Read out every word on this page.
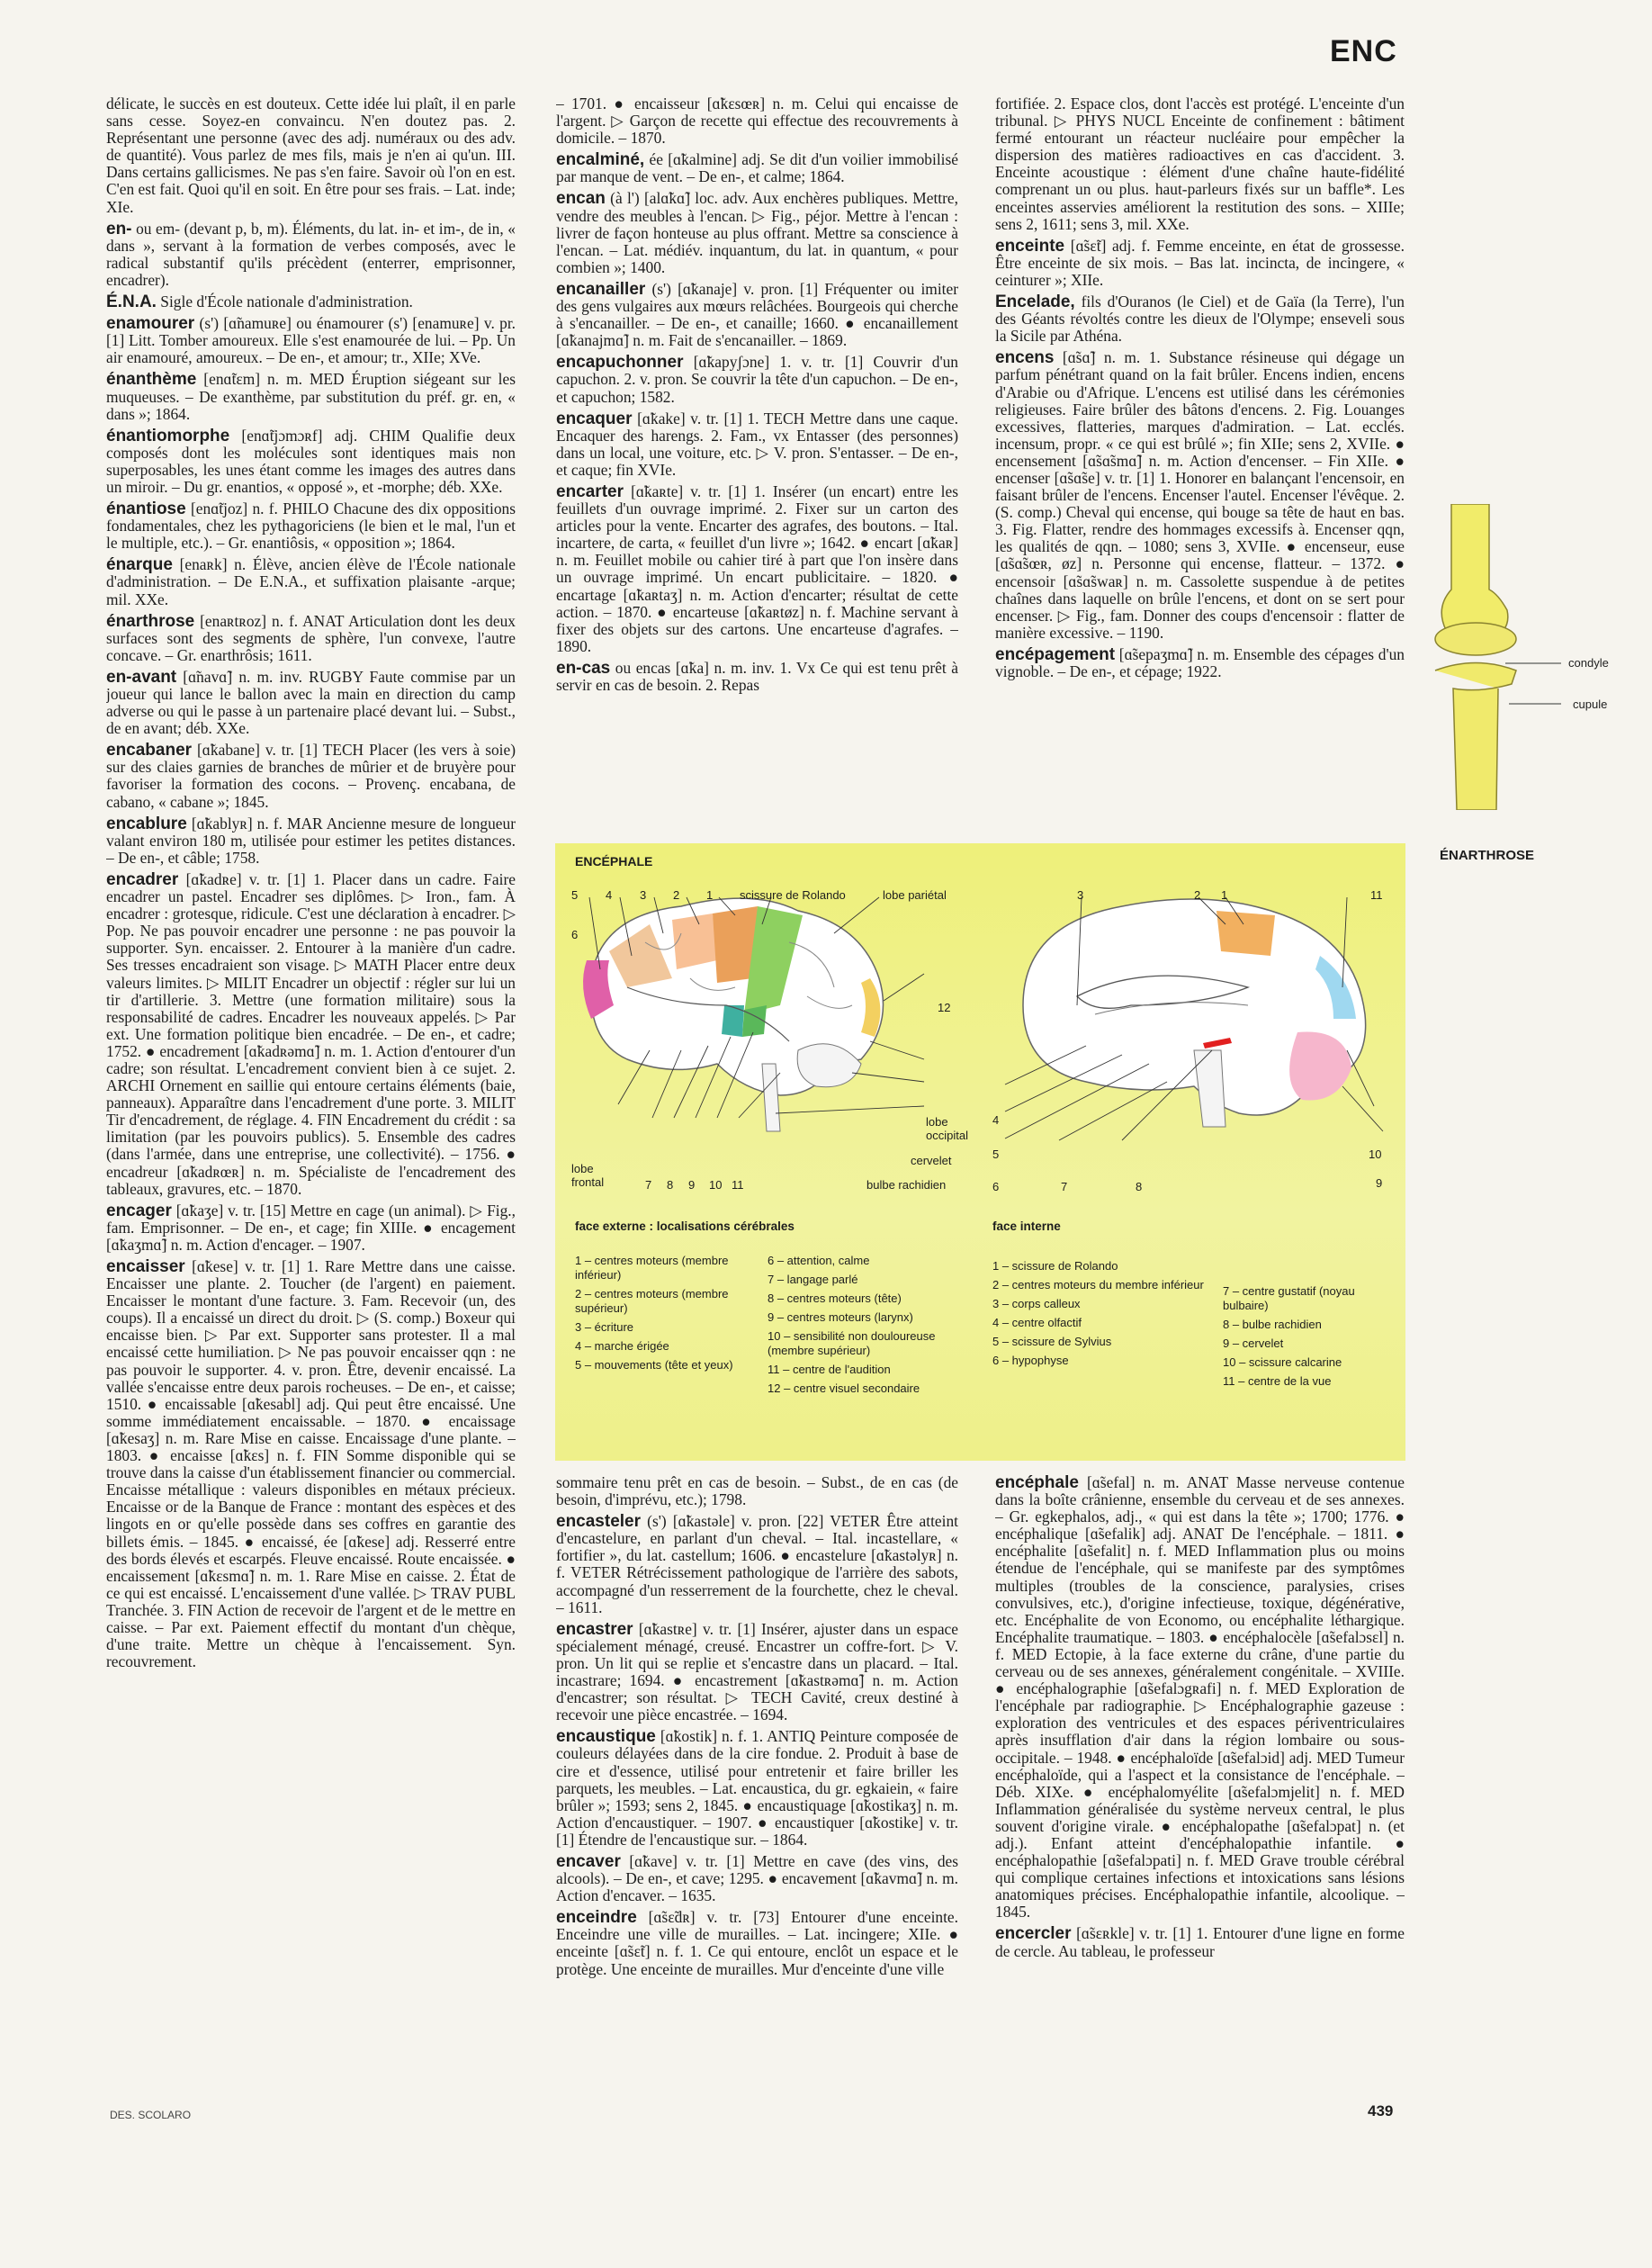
ENC

délicate, le succès en est douteux. Cette idée lui plaît, il en parle sans cesse. Soyez-en convaincu. N'en doutez pas. 2. Représentant une personne (avec des adj. numéraux ou des adv. de quantité). Vous parlez de mes fils, mais je n'en ai qu'un. III. Dans certains gallicismes. Ne pas s'en faire. Savoir où l'on en est. C'en est fait. Quoi qu'il en soit. En être pour ses frais. – Lat. inde; XIe.

en- ou em- (devant p, b, m). Éléments, du lat. in- et im-, de in, « dans », servant à la formation de verbes composés, avec le radical substantif qu'ils précèdent (enterrer, emprisonner, encadrer).

É.N.A. Sigle d'École nationale d'administration.

enamourer (s') [ɑ̃namuʀe] ou énamourer (s') [enamuʀe] v. pr. [1] Litt. Tomber amoureux. Elle s'est enamourée de lui. – Pp. Un air enamouré, amoureux. – De en-, et amour; tr., XIIe; XVe.

énanthème [enɑ̃tɛm] n. m. MED Éruption siégeant sur les muqueuses. – De exanthème, par substitution du préf. gr. en, « dans »; 1864.

énantiomorphe [enɑ̃tjɔmɔʀf] adj. CHIM Qualifie deux composés dont les molécules sont identiques mais non superposables, les unes étant comme les images des autres dans un miroir. – Du gr. enantios, « opposé », et -morphe; déb. XXe.

énantiose [enɑ̃tjoz] n. f. PHILO Chacune des dix oppositions fondamentales, chez les pythagoriciens (le bien et le mal, l'un et le multiple, etc.). – Gr. enantiôsis, « opposition »; 1864.

énarque [enaʀk] n. Élève, ancien élève de l'École nationale d'administration. – De E.N.A., et suffixation plaisante -arque; mil. XXe.

énarthrose [enaʀtʀoz] n. f. ANAT Articulation dont les deux surfaces sont des segments de sphère, l'un convexe, l'autre concave. – Gr. enarthrôsis; 1611.

en-avant [ɑ̃navɑ̃] n. m. inv. RUGBY Faute commise par un joueur qui lance le ballon avec la main en direction du camp adverse ou qui le passe à un partenaire placé devant lui. – Subst., de en avant; déb. XXe.

encabaner [ɑ̃kabane] v. tr. [1] TECH Placer (les vers à soie) sur des claies garnies de branches de mûrier et de bruyère pour favoriser la formation des cocons. – Provenç. encabana, de cabano, « cabane »; 1845.

encablure [ɑ̃kablyʀ] n. f. MAR Ancienne mesure de longueur valant environ 180 m, utilisée pour estimer les petites distances. – De en-, et câble; 1758.

encadrer [ɑ̃kadʀe] v. tr. [1] 1. Placer dans un cadre. Faire encadrer un pastel. Encadrer ses diplômes. ▷ Iron., fam. À encadrer : grotesque, ridicule. C'est une déclaration à encadrer. ▷ Pop. Ne pas pouvoir encadrer une personne : ne pas pouvoir la supporter. Syn. encaisser. 2. Entourer à la manière d'un cadre. Ses tresses encadraient son visage. ▷ MATH Placer entre deux valeurs limites. ▷ MILIT Encadrer un objectif : régler sur lui un tir d'artillerie. 3. Mettre (une formation militaire) sous la responsabilité de cadres. Encadrer les nouveaux appelés. ▷ Par ext. Une formation politique bien encadrée. – De en-, et cadre; 1752. ● encadrement [ɑ̃kadʀəmɑ̃] n. m. 1. Action d'entourer d'un cadre; son résultat. L'encadrement convient bien à ce sujet. 2. ARCHI Ornement en saillie qui entoure certains éléments (baie, panneaux). Apparaître dans l'encadrement d'une porte. 3. MILIT Tir d'encadrement, de réglage. 4. FIN Encadrement du crédit : sa limitation (par les pouvoirs publics). 5. Ensemble des cadres (dans l'armée, dans une entreprise, une collectivité). – 1756. ● encadreur [ɑ̃kadʀœʀ] n. m. Spécialiste de l'encadrement des tableaux, gravures, etc. – 1870.

encager [ɑ̃kaʒe] v. tr. [15] Mettre en cage (un animal). ▷ Fig., fam. Emprisonner. – De en-, et cage; fin XIIIe. ● encagement [ɑ̃kaʒmɑ̃] n. m. Action d'encager. – 1907.

encaisser [ɑ̃kese] v. tr. [1] 1. Rare Mettre dans une caisse. Encaisser une plante. 2. Toucher (de l'argent) en paiement. Encaisser le montant d'une facture. 3. Fam. Recevoir (un, des coups). Il a encaissé un direct du droit. ▷ (S. comp.) Boxeur qui encaisse bien. ▷ Par ext. Supporter sans protester. Il a mal encaissé cette humiliation. ▷ Ne pas pouvoir encaisser qqn : ne pas pouvoir le supporter. 4. v. pron. Être, devenir encaissé. La vallée s'encaisse entre deux parois rocheuses. – De en-, et caisse; 1510. ● encaissable [ɑ̃kesabl] adj. Qui peut être encaissé. Une somme immédiatement encaissable. – 1870. ● encaissage [ɑ̃kesaʒ] n. m. Rare Mise en caisse. Encaissage d'une plante. – 1803. ● encaisse [ɑ̃kɛs] n. f. FIN Somme disponible qui se trouve dans la caisse d'un établissement financier ou commercial. Encaisse métallique : valeurs disponibles en métaux précieux. Encaisse or de la Banque de France : montant des espèces et des lingots en or qu'elle possède dans ses coffres en garantie des billets émis. – 1845. ● encaissé, ée [ɑ̃kese] adj. Resserré entre des bords élevés et escarpés. Fleuve encaissé. Route encaissée. ● encaissement [ɑ̃kɛsmɑ̃] n. m. 1. Rare Mise en caisse. 2. État de ce qui est encaissé. L'encaissement d'une vallée. ▷ TRAV PUBL Tranchée. 3. FIN Action de recevoir de l'argent et de le mettre en caisse. – Par ext. Paiement effectif du montant d'un chèque, d'une traite. Mettre un chèque à l'encaissement. Syn. recouvrement.

– 1701. ● encaisseur [ɑ̃kɛsœʀ] n. m. Celui qui encaisse de l'argent. ▷ Garçon de recette qui effectue des recouvrements à domicile. – 1870.

encalminé, ée [ɑ̃kalmine] adj. Se dit d'un voilier immobilisé par manque de vent. – De en-, et calme; 1864.

encan (à l') [alɑ̃kɑ̃] loc. adv. Aux enchères publiques. Mettre, vendre des meubles à l'encan. ▷ Fig., péjor. Mettre à l'encan : livrer de façon honteuse au plus offrant. Mettre sa conscience à l'encan. – Lat. médiév. inquantum, du lat. in quantum, « pour combien »; 1400.

encanailler (s') [ɑ̃kanaje] v. pron. [1] Fréquenter ou imiter des gens vulgaires aux mœurs relâchées. Bourgeois qui cherche à s'encanailler. – De en-, et canaille; 1660. ● encanaillement [ɑ̃kanajmɑ̃] n. m. Fait de s'encanailler. – 1869.

encapuchonner [ɑ̃kapyʃɔne] 1. v. tr. [1] Couvrir d'un capuchon. 2. v. pron. Se couvrir la tête d'un capuchon. – De en-, et capuchon; 1582.

encaquer [ɑ̃kake] v. tr. [1] 1. TECH Mettre dans une caque. Encaquer des harengs. 2. Fam., vx Entasser (des personnes) dans un local, une voiture, etc. ▷ V. pron. S'entasser. – De en-, et caque; fin XVIe.

encarter [ɑ̃kaʀte] v. tr. [1] 1. Insérer (un encart) entre les feuillets d'un ouvrage imprimé. 2. Fixer sur un carton des articles pour la vente. Encarter des agrafes, des boutons. – Ital. incartere, de carta, « feuillet d'un livre »; 1642. ● encart [ɑ̃kaʀ] n. m. Feuillet mobile ou cahier tiré à part que l'on insère dans un ouvrage imprimé. Un encart publicitaire. – 1820. ● encartage [ɑ̃kaʀtaʒ] n. m. Action d'encarter; résultat de cette action. – 1870. ● encarteuse [ɑ̃kaʀtøz] n. f. Machine servant à fixer des objets sur des cartons. Une encarteuse d'agrafes. – 1890.

en-cas ou encas [ɑ̃ka] n. m. inv. 1. Vx Ce qui est tenu prêt à servir en cas de besoin. 2. Repas

fortifiée. 2. Espace clos, dont l'accès est protégé. L'enceinte d'un tribunal. ▷ PHYS NUCL Enceinte de confinement : bâtiment fermé entourant un réacteur nucléaire pour empêcher la dispersion des matières radioactives en cas d'accident. 3. Enceinte acoustique : élément d'une chaîne haute-fidélité comprenant un ou plus. haut-parleurs fixés sur un baffle*. Les enceintes asservies améliorent la restitution des sons. – XIIIe; sens 2, 1611; sens 3, mil. XXe.

enceinte [ɑ̃sɛ̃t] adj. f. Femme enceinte, en état de grossesse. Être enceinte de six mois. – Bas lat. incincta, de incingere, « ceinturer »; XIIe.

Encelade, fils d'Ouranos (le Ciel) et de Gaïa (la Terre), l'un des Géants révoltés contre les dieux de l'Olympe; enseveli sous la Sicile par Athéna.

encens [ɑ̃sɑ̃] n. m. 1. Substance résineuse qui dégage un parfum pénétrant quand on la fait brûler. Encens indien, encens d'Arabie ou d'Afrique. L'encens est utilisé dans les cérémonies religieuses. Faire brûler des bâtons d'encens. 2. Fig. Louanges excessives, flatteries, marques d'admiration. – Lat. ecclés. incensum, propr. « ce qui est brûlé »; fin XIIe; sens 2, XVIIe. ● encensement [ɑ̃sɑ̃smɑ̃] n. m. Action d'encenser. – Fin XIIe. ● encenser [ɑ̃sɑ̃se] v. tr. [1] 1. Honorer en balançant l'encensoir, en faisant brûler de l'encens. Encenser l'autel. Encenser l'évêque. 2. (S. comp.) Cheval qui encense, qui bouge sa tête de haut en bas. 3. Fig. Flatter, rendre des hommages excessifs à. Encenser qqn, les qualités de qqn. – 1080; sens 3, XVIIe. ● encenseur, euse [ɑ̃sɑ̃sœʀ, øz] n. Personne qui encense, flatteur. – 1372. ● encensoir [ɑ̃sɑ̃swaʀ] n. m. Cassolette suspendue à de petites chaînes dans laquelle on brûle l'encens, et dont on se sert pour encenser. ▷ Fig., fam. Donner des coups d'encensoir : flatter de manière excessive. – 1190.

encépagement [ɑ̃sepaʒmɑ̃] n. m. Ensemble des cépages d'un vignoble. – De en-, et cépage; 1922.	condyle
cupule
ÉNARTHROSE
ENCÉPHALE
5 4 3 2 1 scissure de Rolando	lobe pariétal
6
12
lobe occipital
cervelet
bulbe rachidien
lobe frontal	7 8 9 10 11
face externe : localisations cérébrales
1 – centres moteurs (membre inférieur)
2 – centres moteurs (membre supérieur)
3 – écriture
4 – marche érigée
5 – mouvements (tête et yeux)
6 – attention, calme
7 – langage parlé
8 – centres moteurs (tête)
9 – centres moteurs (larynx)
10 – sensibilité non douloureuse (membre supérieur)
11 – centre de l'audition
12 – centre visuel secondaire
3	2 1	11
4
5
6	7	8	9
10
face interne
1 – scissure de Rolando
2 – centres moteurs du membre inférieur
3 – corps calleux
4 – centre olfactif
5 – scissure de Sylvius
6 – hypophyse
7 – centre gustatif (noyau bulbaire)
8 – bulbe rachidien
9 – cervelet
10 – scissure calcarine
11 – centre de la vue

sommaire tenu prêt en cas de besoin. – Subst., de en cas (de besoin, d'imprévu, etc.); 1798.

encasteler (s') [ɑ̃kastəle] v. pron. [22] VETER Être atteint d'encastelure, en parlant d'un cheval. – Ital. incastellare, « fortifier », du lat. castellum; 1606. ● encastelure [ɑ̃kastəlyʀ] n. f. VETER Rétrécissement pathologique de l'arrière des sabots, accompagné d'un resserrement de la fourchette, chez le cheval. – 1611.

encastrer [ɑ̃kastʀe] v. tr. [1] Insérer, ajuster dans un espace spécialement ménagé, creusé. Encastrer un coffre-fort. ▷ V. pron. Un lit qui se replie et s'encastre dans un placard. – Ital. incastrare; 1694. ● encastrement [ɑ̃kastʀəmɑ̃] n. m. Action d'encastrer; son résultat. ▷ TECH Cavité, creux destiné à recevoir une pièce encastrée. – 1694.

encaustique [ɑ̃kostik] n. f. 1. ANTIQ Peinture composée de couleurs délayées dans de la cire fondue. 2. Produit à base de cire et d'essence, utilisé pour entretenir et faire briller les parquets, les meubles. – Lat. encaustica, du gr. egkaiein, « faire brûler »; 1593; sens 2, 1845. ● encaustiquage [ɑ̃kostikaʒ] n. m. Action d'encaustiquer. – 1907. ● encaustiquer [ɑ̃kostike] v. tr. [1] Étendre de l'encaustique sur. – 1864.

encaver [ɑ̃kave] v. tr. [1] Mettre en cave (des vins, des alcools). – De en-, et cave; 1295. ● encavement [ɑ̃kavmɑ̃] n. m. Action d'encaver. – 1635.

enceindre [ɑ̃sɛ̃dʀ] v. tr. [73] Entourer d'une enceinte. Enceindre une ville de murailles. – Lat. incingere; XIIe. ● enceinte [ɑ̃sɛ̃t] n. f. 1. Ce qui entoure, enclôt un espace et le protège. Une enceinte de murailles. Mur d'enceinte d'une ville

encéphale [ɑ̃sefal] n. m. ANAT Masse nerveuse contenue dans la boîte crânienne, ensemble du cerveau et de ses annexes. – Gr. egkephalos, adj., « qui est dans la tête »; 1700; 1776. ● encéphalique [ɑ̃sefalik] adj. ANAT De l'encéphale. – 1811. ● encéphalite [ɑ̃sefalit] n. f. MED Inflammation plus ou moins étendue de l'encéphale, qui se manifeste par des symptômes multiples (troubles de la conscience, paralysies, crises convulsives, etc.), d'origine infectieuse, toxique, dégénérative, etc. Encéphalite de von Economo, ou encéphalite léthargique. Encéphalite traumatique. – 1803. ● encéphalocèle [ɑ̃sefalɔsɛl] n. f. MED Ectopie, à la face externe du crâne, d'une partie du cerveau ou de ses annexes, généralement congénitale. – XVIIIe. ● encéphalographie [ɑ̃sefalɔgʀafi] n. f. MED Exploration de l'encéphale par radiographie. ▷ Encéphalographie gazeuse : exploration des ventricules et des espaces périventriculaires après insufflation d'air dans la région lombaire ou sous-occipitale. – 1948. ● encéphaloïde [ɑ̃sefalɔid] adj. MED Tumeur encéphaloïde, qui a l'aspect et la consistance de l'encéphale. – Déb. XIXe. ● encéphalomyélite [ɑ̃sefalɔmjelit] n. f. MED Inflammation généralisée du système nerveux central, le plus souvent d'origine virale. ● encéphalopathe [ɑ̃sefalɔpat] n. (et adj.). Enfant atteint d'encéphalopathie infantile. ● encéphalopathie [ɑ̃sefalɔpati] n. f. MED Grave trouble cérébral qui complique certaines infections et intoxications sans lésions anatomiques précises. Encéphalopathie infantile, alcoolique. – 1845.

encercler [ɑ̃sɛʀkle] v. tr. [1] 1. Entourer d'une ligne en forme de cercle. Au tableau, le professeur

DES. SCOLARO	439
